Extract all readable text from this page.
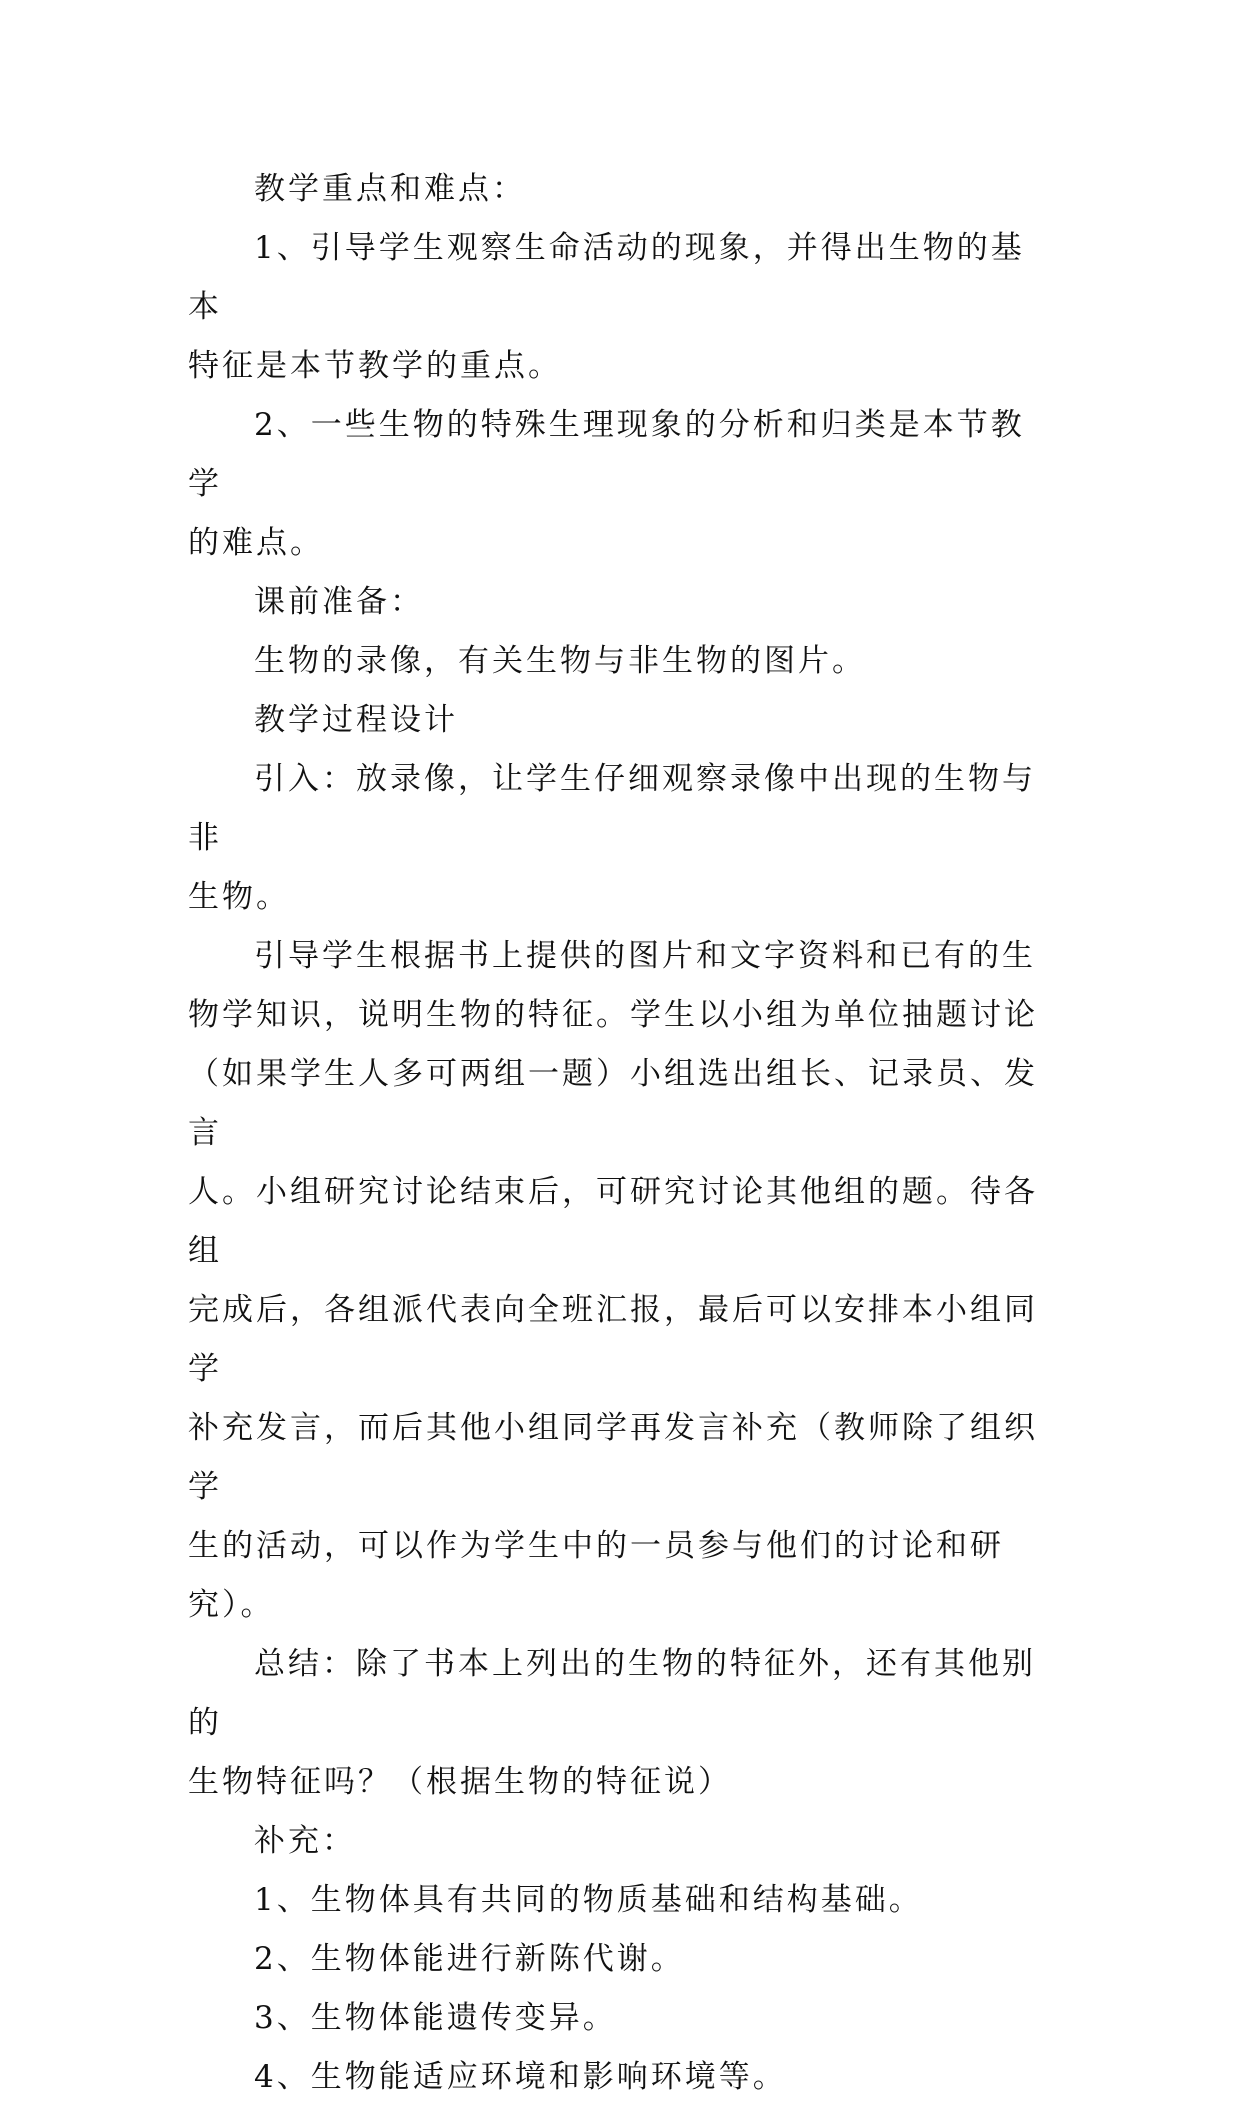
教学重点和难点：

1、引导学生观察生命活动的现象，并得出生物的基本
特征是本节教学的重点。

2、一些生物的特殊生理现象的分析和归类是本节教学
的难点。

课前准备：

生物的录像，有关生物与非生物的图片。

教学过程设计

引入：放录像，让学生仔细观察录像中出现的生物与非
生物。

引导学生根据书上提供的图片和文字资料和已有的生
物学知识，说明生物的特征。学生以小组为单位抽题讨论
（如果学生人多可两组一题）小组选出组长、记录员、发言
人。小组研究讨论结束后，可研究讨论其他组的题。待各组
完成后，各组派代表向全班汇报，最后可以安排本小组同学
补充发言，而后其他小组同学再发言补充（教师除了组织学
生的活动，可以作为学生中的一员参与他们的讨论和研究）。

总结：除了书本上列出的生物的特征外，还有其他别的
生物特征吗？（根据生物的特征说）

补充：

1、生物体具有共同的物质基础和结构基础。

2、生物体能进行新陈代谢。

3、生物体能遗传变异。

4、生物能适应环境和影响环境等。
